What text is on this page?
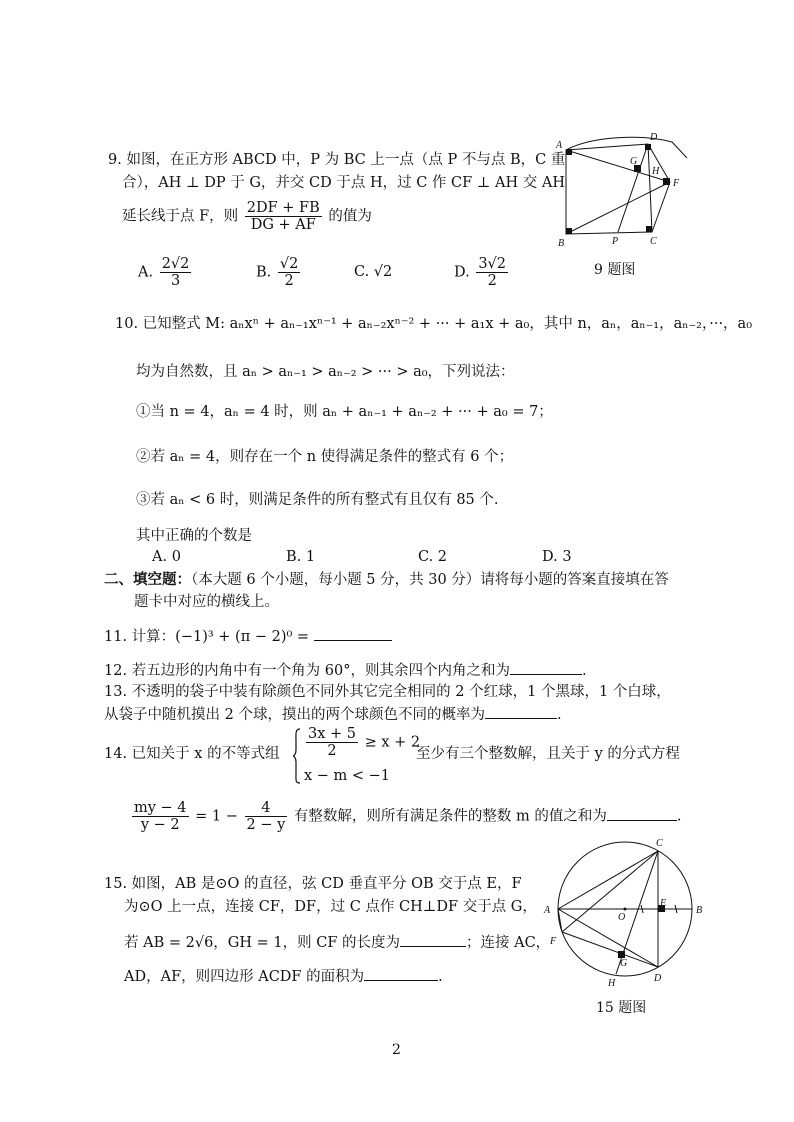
9. 如图，在正方形 ABCD 中，P 为 BC 上一点（点 P 不与点 B，C 重
合），AH ⊥ DP 于 G，并交 CD 于点 H，过 C 作 CF ⊥ AH 交 AH
延长线于点 F，则 $\frac{2DF + FB}{DG + AF}$ 的值为
A. $\frac{2√2}{3}$	B. $\frac{√2}{2}$	C. √2	D. $\frac{3√2}{2}$
A
D
B	C
P
G
H
F
9 题图
10. 已知整式 M: aₙxⁿ + aₙ₋₁xⁿ⁻¹ + aₙ₋₂xⁿ⁻² + ··· + a₁x + a₀，其中 n，aₙ，aₙ₋₁，aₙ₋₂，···，a₀
均为自然数，且 aₙ > aₙ₋₁ > aₙ₋₂ > ··· > a₀，下列说法：
①当 n = 4，aₙ = 4 时，则 aₙ + aₙ₋₁ + aₙ₋₂ + ··· + a₀ = 7；
②若 aₙ = 4，则存在一个 n 使得满足条件的整式有 6 个；
③若 aₙ < 6 时，则满足条件的所有整式有且仅有 85 个.
其中正确的个数是
A. 0	B. 1	C. 2	D. 3
二、填空题：（本大题 6 个小题，每小题 5 分，共 30 分）请将每小题的答案直接填在答
题卡中对应的横线上。
11. 计算：(−1)³ + (π − 2)⁰ =
12. 若五边形的内角中有一个角为 60°，则其余四个内角之和为	.
13. 不透明的袋子中装有除颜色不同外其它完全相同的 2 个红球，1 个黑球，1 个白球，
从袋子中随机摸出 2 个球，摸出的两个球颜色不同的概率为	.
14. 已知关于 x 的不等式组 $\frac{3x + 5}{2} \ge x + 2$
x − m < −1
至少有三个整数解，且关于 y 的分式方程
$\frac{my - 4}{y - 2} = 1 - \frac{4}{2 - y}$ 有整数解，则所有满足条件的整数 m 的值之和为	.
15. 如图，AB 是⊙O 的直径，弦 CD 垂直平分 OB 交于点 E，F
为⊙O 上一点，连接 CF，DF，过 C 点作 CH⊥DF 交于点 G，
若 AB = 2√6，GH = 1，则 CF 的长度为	；连接 AC，
AD，AF，则四边形 ACDF 的面积为	.
C
A	B
O
E
F
G
D
H
15 题图
2
